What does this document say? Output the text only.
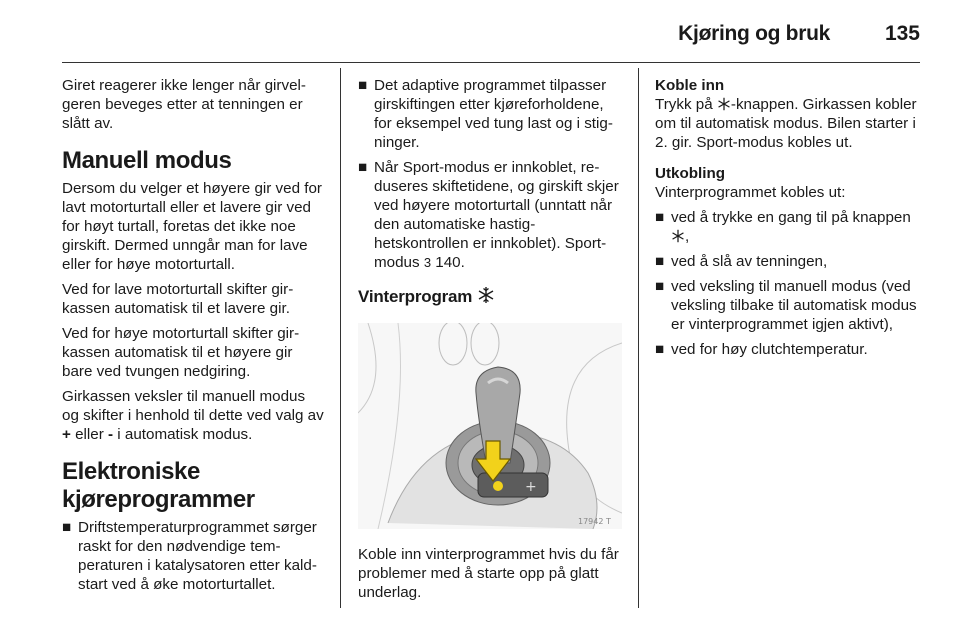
Kjøring og bruk	135

Giret reagerer ikke lenger når girvelgeren beveges etter at tenningen er slått av.

Manuell modus

Dersom du velger et høyere gir ved for lavt motorturtall eller et lavere gir ved for høyt turtall, foretas det ikke noe girskift. Dermed unngår man for lave eller for høye motorturtall.

Ved for lave motorturtall skifter girkassen automatisk til et lavere gir.

Ved for høye motorturtall skifter girkassen automatisk til et høyere gir bare ved tvungen nedgiring.

Girkassen veksler til manuell modus og skifter i henhold til dette ved valg av + eller - i automatisk modus.

Elektroniske kjøreprogrammer
■ Driftstemperaturprogrammet sørger raskt for den nødvendige temperaturen i katalysatoren etter kaldstart ved å øke motorturtallet.
■ Det adaptive programmet tilpasser girskiftingen etter kjøreforholdene, for eksempel ved tung last og i stigninger.
■ Når Sport-modus er innkoblet, reduseres skiftetidene, og girskift skjer ved høyere motorturtall (unntatt når den automatiske hastighetskontrollen er innkoblet). Sport-modus 3 140.
Vinterprogram
+
17942 T

Koble inn vinterprogrammet hvis du får problemer med å starte opp på glatt underlag.

Koble inn

Trykk på -knappen. Girkassen kobler om til automatisk modus. Bilen starter i 2. gir. Sport-modus kobles ut.

Utkobling

Vinterprogrammet kobles ut:

■ ved å trykke en gang til på knappen ,
■ ved å slå av tenningen,
■ ved veksling til manuell modus (ved veksling tilbake til automatisk modus er vinterprogrammet igjen aktivt),
■ ved for høy clutchtemperatur.
